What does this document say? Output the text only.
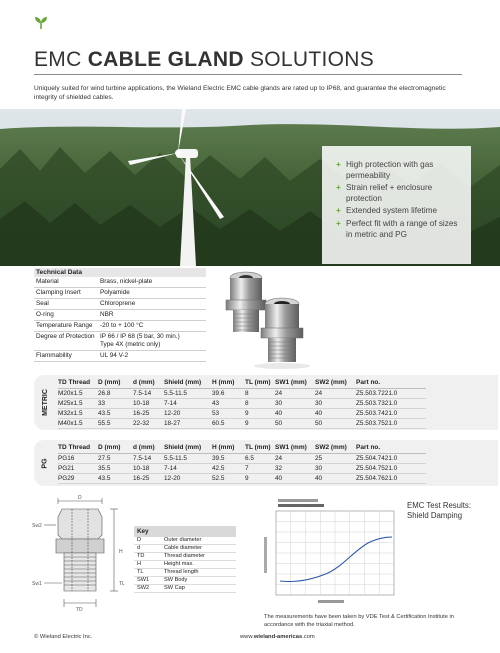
EMC CABLE GLAND SOLUTIONS
Uniquely suited for wind turbine applications, the Wieland Electric EMC cable glands are rated up to IP68, and guarantee the electromagnetic integrity of shielded cables.
+ High protection with gas permeability
+ Strain relief + enclosure protection
+ Extended system lifetime
+ Perfect fit with a range of sizes in metric and PG
Technical Data
Material	Brass, nickel-plate
Clamping Insert	Polyamide
Seal	Chloroprene
O-ring	NBR
Temperature Range	-20 to + 100 °C
Degree of Protection IP 66 / IP 68 (5 bar, 30 min.)
Type 4X (metric only)
Flammability	UL 94 V-2
METRIC
TD Thread	D (mm)	d (mm)	Shield (mm)	H (mm)	TL (mm)	SW1 (mm)	SW2 (mm)	Part no.
M20x1.5	26.8	7.5-14	5.5-11.5	39.6	8	24	24	Z5.503.7221.0
M25x1.5	33	10-18	7-14	43	8	30	30	Z5.503.7321.0
M32x1.5	43.5	16-25	12-20	53	9	40	40	Z5.503.7421.0
M40x1.5	55.5	22-32	18-27	60.5	9	50	50	Z5.503.7521.0
PG
TD Thread	D (mm)	d (mm)	Shield (mm)	H (mm)	TL (mm)	SW1 (mm)	SW2 (mm)	Part no.
PG16	27.5	7.5-14	5.5-11.5	39.5	6.5	24	25	Z5.504.7421.0
PG21	35.5	10-18	7-14	42.5	7	32	30	Z5.504.7521.0
PG29	43.5	16-25	12-20	52.5	9	40	40	Z5.504.7621.0
D
Sw2
Sw1
TD
H
TL
Key
D	Outer diameter
d	Cable diameter
TD	Thread diameter
H	Height max.
TL	Thread length
SW1	SW Body
SW2	SW Cap
EMC Test Results:
Shield Damping
The measurements have been taken by VDE Test & Certification Institute in accordance with the triaxial method.
© Wieland Electric Inc.	www.wieland-americas.com
